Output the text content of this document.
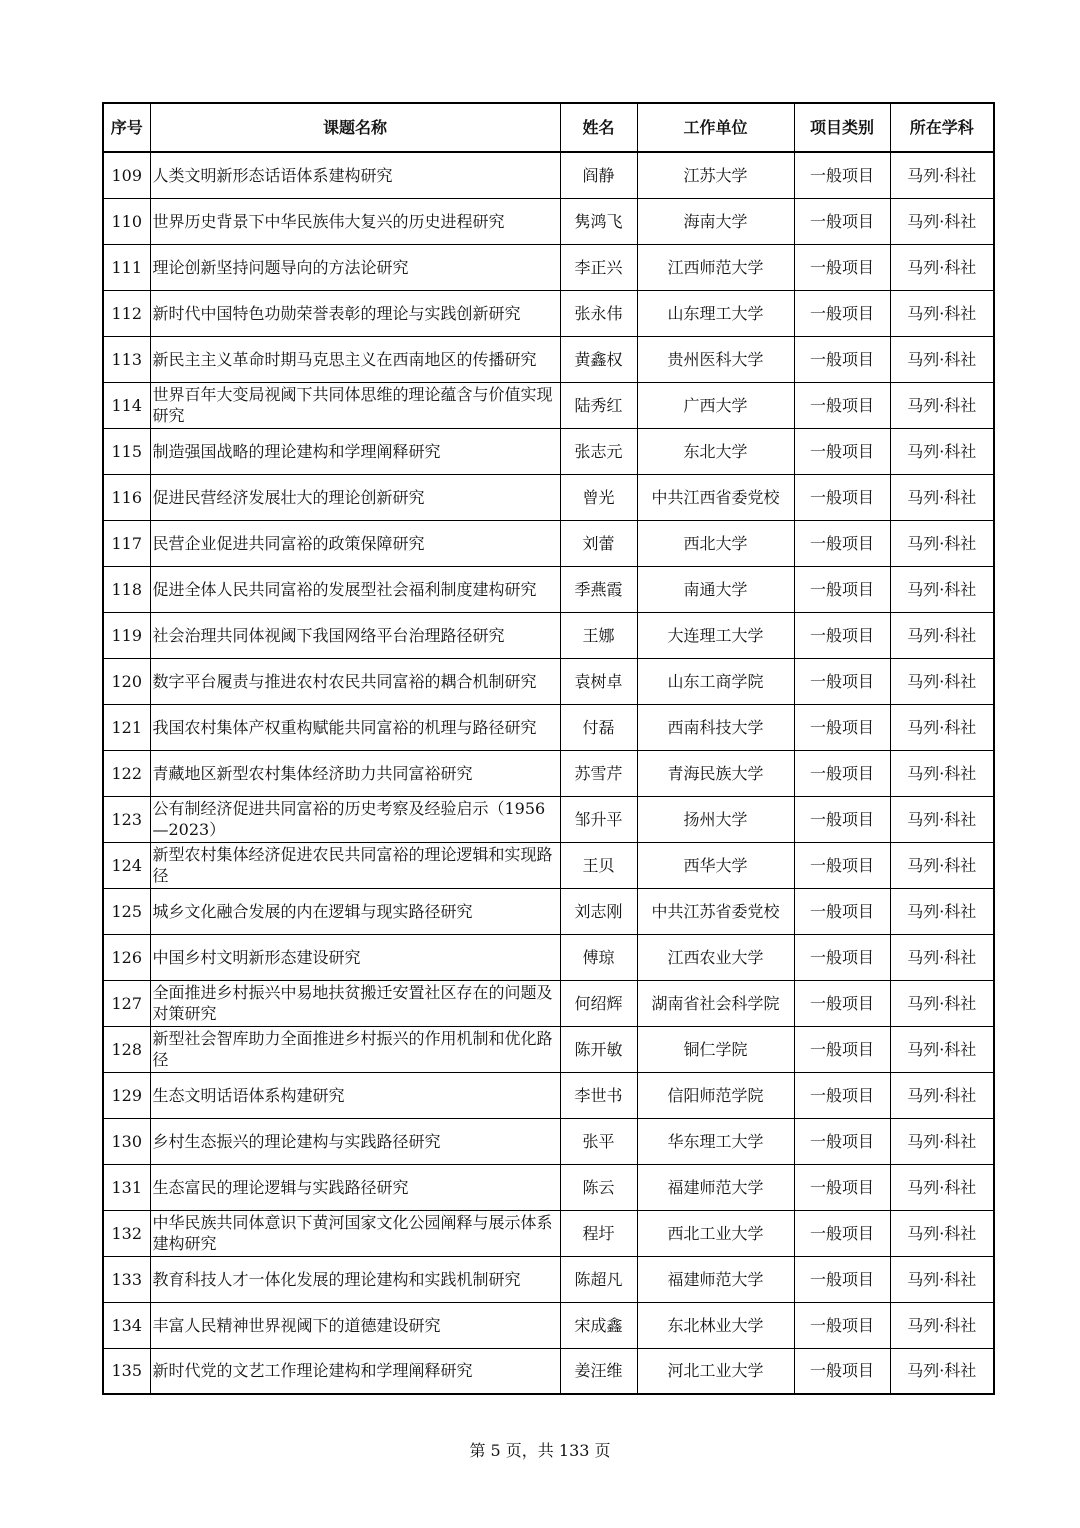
序号	课题名称	姓名	工作单位	项目类别	所在学科
109	人类文明新形态话语体系建构研究	阎静	江苏大学	一般项目	马列·科社
110	世界历史背景下中华民族伟大复兴的历史进程研究	隽鸿飞	海南大学	一般项目	马列·科社
111	理论创新坚持问题导向的方法论研究	李正兴	江西师范大学	一般项目	马列·科社
112	新时代中国特色功勋荣誉表彰的理论与实践创新研究	张永伟	山东理工大学	一般项目	马列·科社
113	新民主主义革命时期马克思主义在西南地区的传播研究	黄鑫权	贵州医科大学	一般项目	马列·科社
114	世界百年大变局视阈下共同体思维的理论蕴含与价值实现研究	陆秀红	广西大学	一般项目	马列·科社
115	制造强国战略的理论建构和学理阐释研究	张志元	东北大学	一般项目	马列·科社
116	促进民营经济发展壮大的理论创新研究	曾光	中共江西省委党校	一般项目	马列·科社
117	民营企业促进共同富裕的政策保障研究	刘蕾	西北大学	一般项目	马列·科社
118	促进全体人民共同富裕的发展型社会福利制度建构研究	季燕霞	南通大学	一般项目	马列·科社
119	社会治理共同体视阈下我国网络平台治理路径研究	王娜	大连理工大学	一般项目	马列·科社
120	数字平台履责与推进农村农民共同富裕的耦合机制研究	袁树卓	山东工商学院	一般项目	马列·科社
121	我国农村集体产权重构赋能共同富裕的机理与路径研究	付磊	西南科技大学	一般项目	马列·科社
122	青藏地区新型农村集体经济助力共同富裕研究	苏雪芹	青海民族大学	一般项目	马列·科社
123	公有制经济促进共同富裕的历史考察及经验启示（1956—2023）	邹升平	扬州大学	一般项目	马列·科社
124	新型农村集体经济促进农民共同富裕的理论逻辑和实现路径	王贝	西华大学	一般项目	马列·科社
125	城乡文化融合发展的内在逻辑与现实路径研究	刘志刚	中共江苏省委党校	一般项目	马列·科社
126	中国乡村文明新形态建设研究	傅琼	江西农业大学	一般项目	马列·科社
127	全面推进乡村振兴中易地扶贫搬迁安置社区存在的问题及对策研究	何绍辉	湖南省社会科学院	一般项目	马列·科社
128	新型社会智库助力全面推进乡村振兴的作用机制和优化路径	陈开敏	铜仁学院	一般项目	马列·科社
129	生态文明话语体系构建研究	李世书	信阳师范学院	一般项目	马列·科社
130	乡村生态振兴的理论建构与实践路径研究	张平	华东理工大学	一般项目	马列·科社
131	生态富民的理论逻辑与实践路径研究	陈云	福建师范大学	一般项目	马列·科社
132	中华民族共同体意识下黄河国家文化公园阐释与展示体系建构研究	程圩	西北工业大学	一般项目	马列·科社
133	教育科技人才一体化发展的理论建构和实践机制研究	陈超凡	福建师范大学	一般项目	马列·科社
134	丰富人民精神世界视阈下的道德建设研究	宋成鑫	东北林业大学	一般项目	马列·科社
135	新时代党的文艺工作理论建构和学理阐释研究	姜汪维	河北工业大学	一般项目	马列·科社
第 5 页，共 133 页
